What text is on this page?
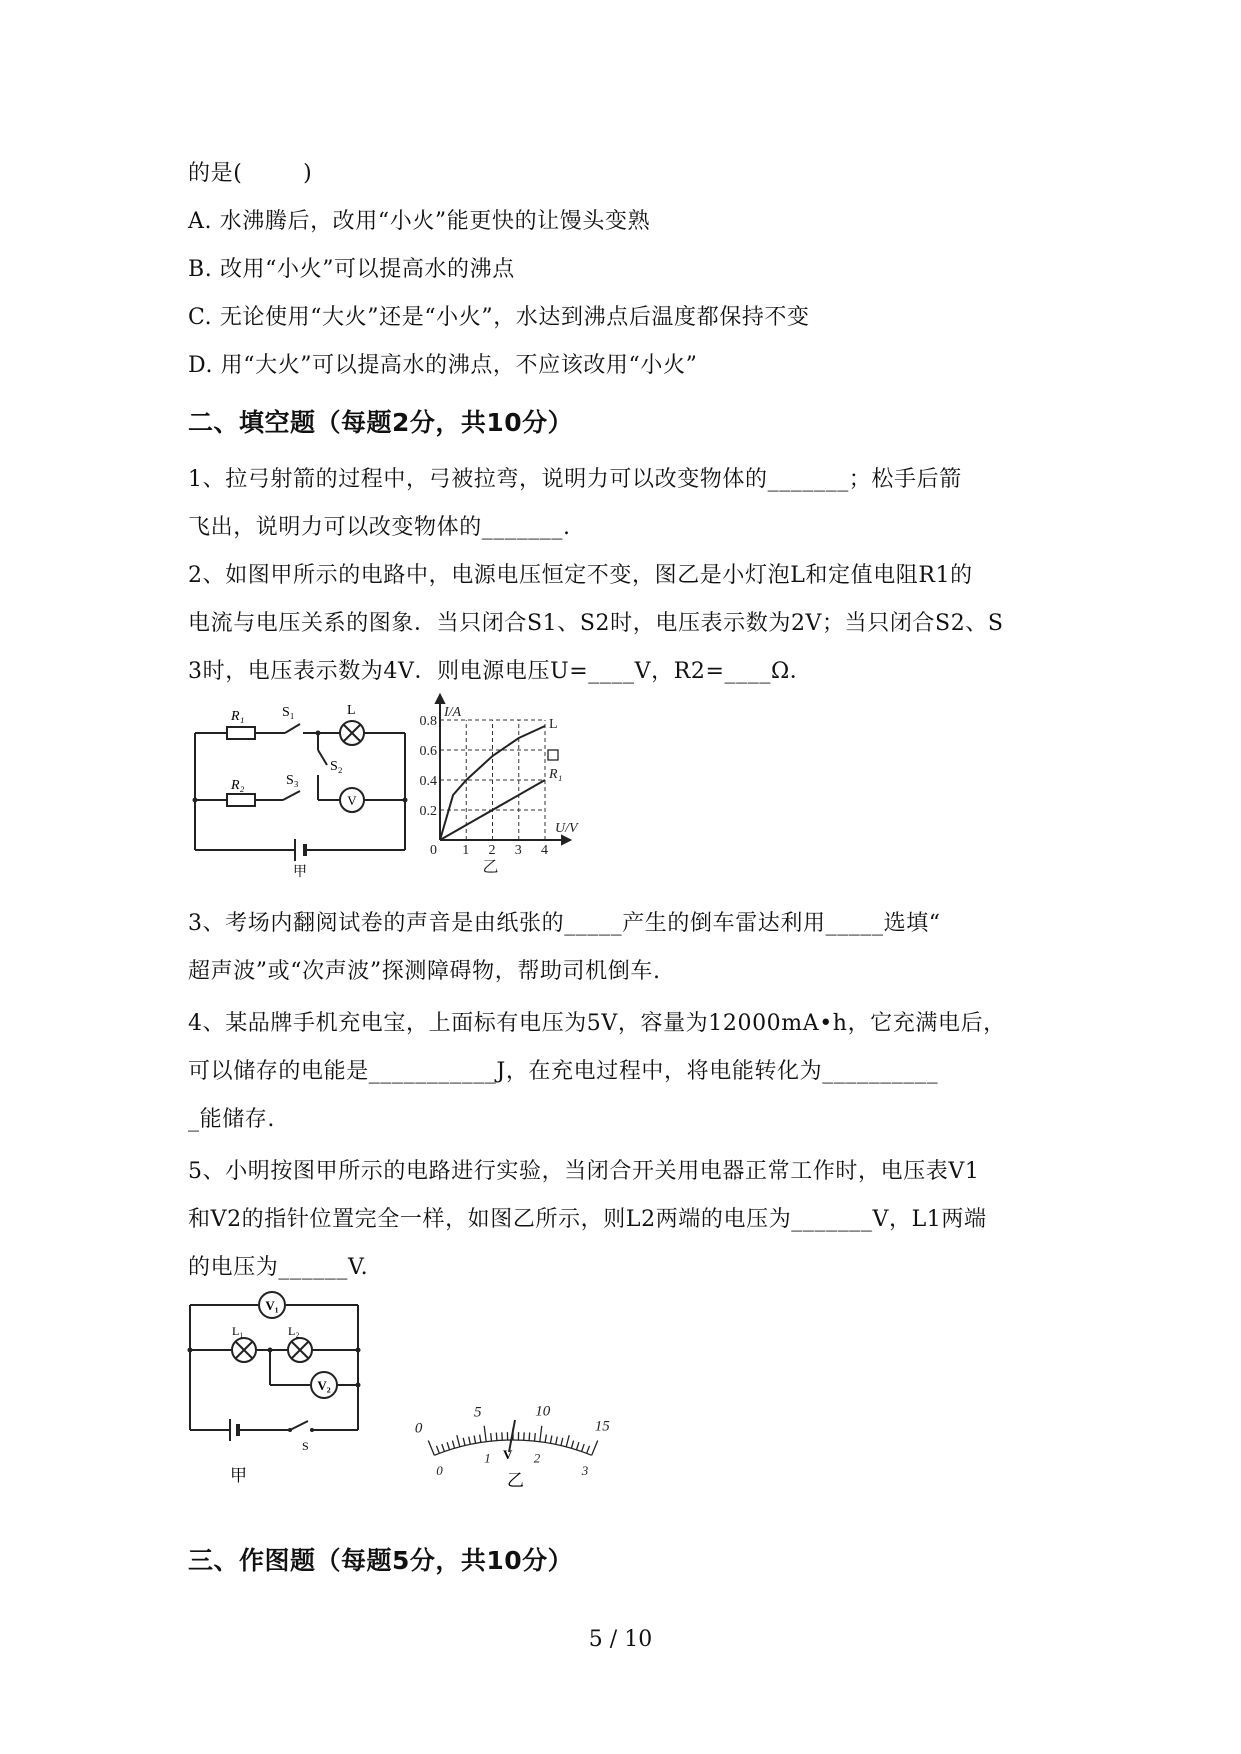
的是(        )
A. 水沸腾后，改用“小火”能更快的让馒头变熟
B. 改用“小火”可以提高水的沸点
C. 无论使用“大火”还是“小火”，水达到沸点后温度都保持不变
D. 用“大火”可以提高水的沸点，不应该改用“小火”
二、填空题（每题2分，共10分）
1、拉弓射箭的过程中，弓被拉弯，说明力可以改变物体的_______；松手后箭
飞出，说明力可以改变物体的_______.
2、如图甲所示的电路中，电源电压恒定不变，图乙是小灯泡L和定值电阻R1的
电流与电压关系的图象．当只闭合S1、S2时，电压表示数为2V；当只闭合S2、S
3时，电压表示数为4V．则电源电压U=____V，R2=____Ω．
R₁	S₁	L
S₂
R₂	S₃
V
甲
L
R₁
0 1 2 3 4
0.2
0.4
0.6
0.8
I/A
U/V
乙
3、考场内翻阅试卷的声音是由纸张的_____产生的倒车雷达利用_____选填“
超声波”或“次声波”探测障碍物，帮助司机倒车.
4、某品牌手机充电宝，上面标有电压为5V，容量为12000mA•h，它充满电后，
可以储存的电能是___________J，在充电过程中，将电能转化为__________
_能储存.
5、小明按图甲所示的电路进行实验，当闭合开关用电器正常工作时，电压表V1
和V2的指针位置完全一样，如图乙所示，则L2两端的电压为_______V，L1两端
的电压为______V.
V₁
L₁	L₂
V₂
S
甲
0
5	10
15
0
1	2
3
V
乙
三、作图题（每题5分，共10分）
5 / 10
